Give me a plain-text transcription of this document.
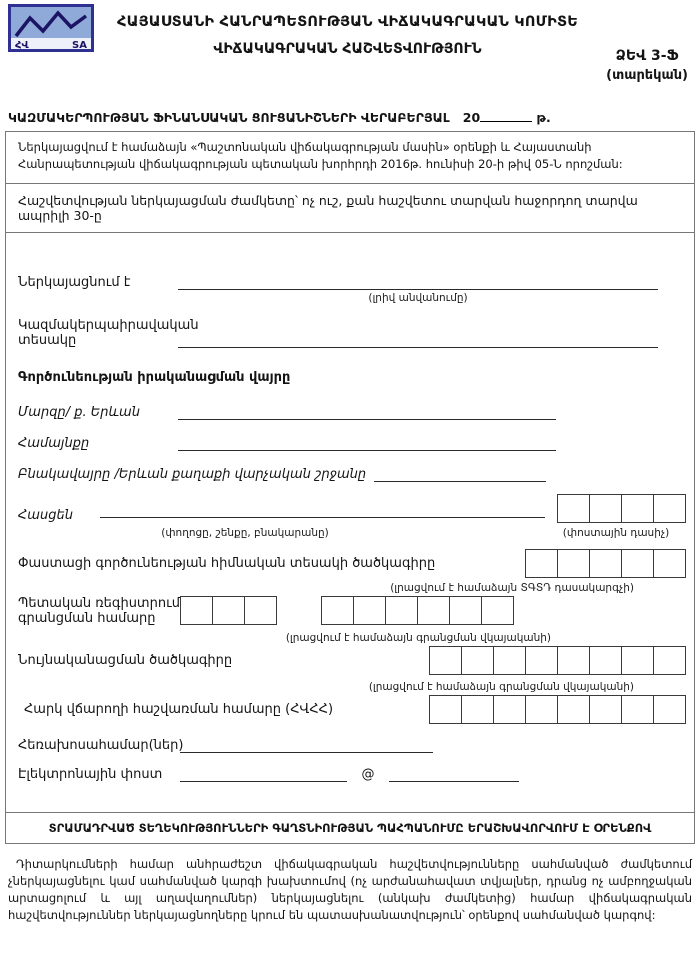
ՀՎ	SA
ՀԱՅԱՍՏԱՆԻ ՀԱՆՐԱՊԵՏՈՒԹՅԱՆ ՎԻՃԱԿԱԳՐԱԿԱՆ ԿՈՄԻՏԵ
ՎԻՃԱԿԱԳՐԱԿԱՆ ՀԱՇՎԵՏՎՈՒԹՅՈՒՆ	ՁԵՎ 3-Ֆ
(տարեկան)
ԿԱԶՄԱԿԵՐՊՈՒԹՅԱՆ ՖԻՆԱՆՍԱԿԱՆ ՑՈՒՑԱՆԻՇՆԵՐԻ ՎԵՐԱԲԵՐՅԱԼ 20	թ.
Ներկայացվում է համաձայն «Պաշտոնական վիճակագրության մասին» օրենքի և Հայաստանի Հանրապետության վիճակագրության պետական խորհրդի 2016թ. հունիսի 20-ի թիվ 05-Ն որոշման:
Հաշվետվության ներկայացման ժամկետը՝ ոչ ուշ, քան հաշվետու տարվան հաջորդող տարվա ապրիլի 30-ը
Ներկայացնում է
(լրիվ անվանումը)
Կազմակերպաիրավական տեսակը
Գործունեության իրականացման վայրը
Մարզը/ ք. Երևան
Համայնքը
Բնակավայրը /Երևան քաղաքի վարչական շրջանը
Հասցեն
(փողոցը, շենքը, բնակարանը)	(փոստային դասիչ)
Փաստացի գործունեության հիմնական տեսակի ծածկագիրը
(լրացվում է համաձայն ՏԳՏԴ դասակարգչի)
Պետական ռեգիստրում գրանցման համարը
(լրացվում է համաձայն գրանցման վկայականի)
Նույնականացման ծածկագիրը
(լրացվում է համաձայն գրանցման վկայականի)
Հարկ վճարողի հաշվառման համարը (ՀՎՀՀ)
Հեռախոսահամար(ներ)
Էլեկտրոնային փոստ	@
ՏՐԱՄԱԴՐՎԱԾ ՏԵՂԵԿՈՒԹՅՈՒՆՆԵՐԻ ԳԱՂՏՆԻՈՒԹՅԱՆ ՊԱՀՊԱՆՈՒՄԸ ԵՐԱՇԽԱՎՈՐՎՈՒՄ Է ՕՐԵՆՔՈՎ
Դիտարկումների համար անհրաժեշտ վիճակագրական հաշվետվությունները սահմանված ժամկետում չներկայացնելու կամ սահմանված կարգի խախտումով (ոչ արժանահավատ տվյալներ, դրանց ոչ ամբողջական արտացոլում և այլ աղավաղումներ) ներկայացնելու (անկախ ժամկետից) համար վիճակագրական հաշվետվություններ ներկայացնողները կրում են պատասխանատվություն՝ օրենքով սահմանված կարգով:
